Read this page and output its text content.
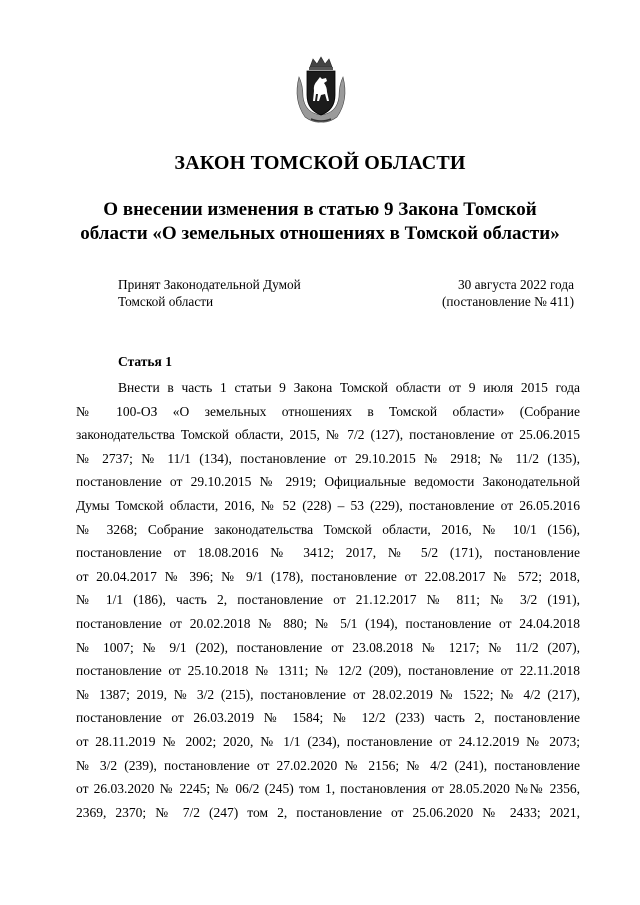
ЗАКОН ТОМСКОЙ ОБЛАСТИ
О внесении изменения в статью 9 Закона Томской
области «О земельных отношениях в Томской области»
Принят Законодательной Думой
Томской области
30 августа 2022 года
(постановление № 411)
Статья 1
Внести в часть 1 статьи 9 Закона Томской области от 9 июля 2015 года
№ 100-ОЗ «О земельных отношениях в Томской области» (Собрание
законодательства Томской области, 2015, № 7/2 (127), постановление от 25.06.2015
№ 2737; № 11/1 (134), постановление от 29.10.2015 № 2918; № 11/2 (135),
постановление от 29.10.2015 № 2919; Официальные ведомости Законодательной
Думы Томской области, 2016, № 52 (228) – 53 (229), постановление от 26.05.2016
№ 3268; Собрание законодательства Томской области, 2016, № 10/1 (156),
постановление от 18.08.2016 № 3412; 2017, № 5/2 (171), постановление
от 20.04.2017 № 396; № 9/1 (178), постановление от 22.08.2017 № 572; 2018,
№ 1/1 (186), часть 2, постановление от 21.12.2017 № 811; № 3/2 (191),
постановление от 20.02.2018 № 880; № 5/1 (194), постановление от 24.04.2018
№ 1007; № 9/1 (202), постановление от 23.08.2018 № 1217; № 11/2 (207),
постановление от 25.10.2018 № 1311; № 12/2 (209), постановление от 22.11.2018
№ 1387; 2019, № 3/2 (215), постановление от 28.02.2019 № 1522; № 4/2 (217),
постановление от 26.03.2019 № 1584; № 12/2 (233) часть 2, постановление
от 28.11.2019 № 2002; 2020, № 1/1 (234), постановление от 24.12.2019 № 2073;
№ 3/2 (239), постановление от 27.02.2020 № 2156; № 4/2 (241), постановление
от 26.03.2020 № 2245; № 06/2 (245) том 1, постановления от 28.05.2020 №№ 2356,
2369, 2370; № 7/2 (247) том 2, постановление от 25.06.2020 № 2433; 2021,
